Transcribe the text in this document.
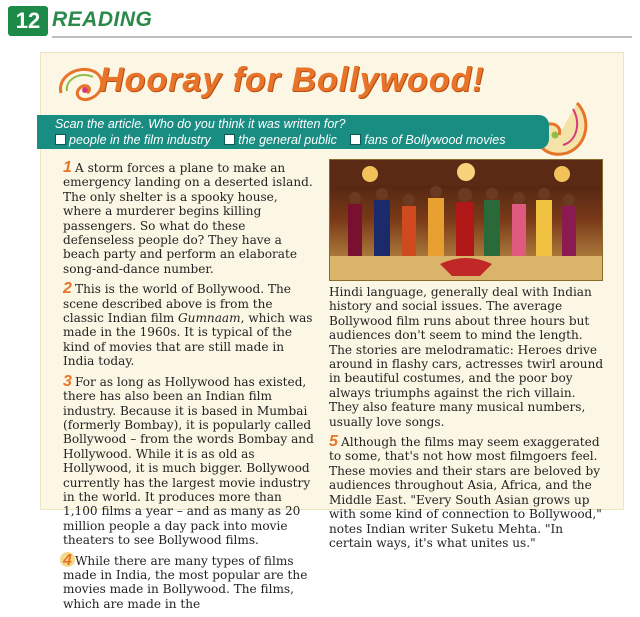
12 READING
Hooray for Bollywood!
Scan the article. Who do you think it was written for?
people in the film industry the general public fans of Bollywood movies

1 A storm forces a plane to make an emergency landing on a deserted island. The only shelter is a spooky house, where a murderer begins killing passengers. So what do these defenseless people do? They have a beach party and perform an elaborate song-and-dance number.

2 This is the world of Bollywood. The scene described above is from the classic Indian film Gumnaam, which was made in the 1960s. It is typical of the kind of movies that are still made in India today.

3 For as long as Hollywood has existed, there has also been an Indian film industry. Because it is based in Mumbai (formerly Bombay), it is popularly called Bollywood – from the words Bombay and Hollywood. While it is as old as Hollywood, it is much bigger. Bollywood currently has the largest movie industry in the world. It produces more than 1,100 films a year – and as many as 20 million people a day pack into movie theaters to see Bollywood films.

4 While there are many types of films made in India, the most popular are the movies made in Bollywood. The films, which are made in the

Hindi language, generally deal with Indian history and social issues. The average Bollywood film runs about three hours but audiences don't seem to mind the length. The stories are melodramatic: Heroes drive around in flashy cars, actresses twirl around in beautiful costumes, and the poor boy always triumphs against the rich villain. They also feature many musical numbers, usually love songs.

5 Although the films may seem exaggerated to some, that's not how most filmgoers feel. These movies and their stars are beloved by audiences throughout Asia, Africa, and the Middle East. "Every South Asian grows up with some kind of connection to Bollywood," notes Indian writer Suketu Mehta. "In certain ways, it's what unites us."
